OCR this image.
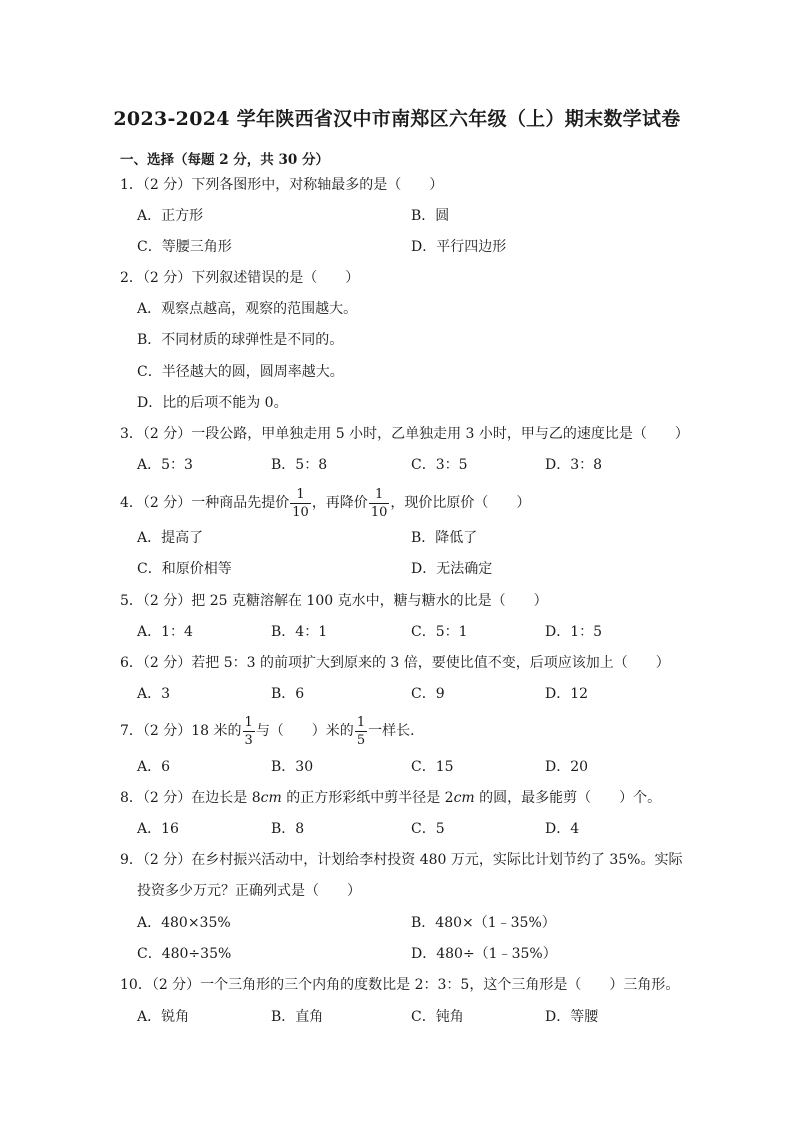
2023-2024 学年陕西省汉中市南郑区六年级（上）期末数学试卷
一、选择（每题 2 分，共 30 分）
1．（2 分）下列各图形中，对称轴最多的是（　　）
A．正方形	B．圆
C．等腰三角形	D．平行四边形
2．（2 分）下列叙述错误的是（　　）
A．观察点越高，观察的范围越大。
B．不同材质的球弹性是不同的。
C．半径越大的圆，圆周率越大。
D．比的后项不能为 0。
3．（2 分）一段公路，甲单独走用 5 小时，乙单独走用 3 小时，甲与乙的速度比是（　　）
A．5：3	B．5：8	C．3：5	D．3：8
4．（2 分）一种商品先提价 $\frac{1}{10}$ ，再降价 $\frac{1}{10}$ ，现价比原价（　　）
A．提高了	B．降低了
C．和原价相等	D．无法确定
5．（2 分）把 25 克糖溶解在 100 克水中，糖与糖水的比是（　　）
A．1：4	B．4：1	C．5：1	D．1：5
6．（2 分）若把 5：3 的前项扩大到原来的 3 倍，要使比值不变，后项应该加上（　　）
A．3	B．6	C．9	D．12
7．（2 分）18 米的 $\frac{1}{3}$ 与（　　）米的 $\frac{1}{5}$ 一样长．
A．6	B．30	C．15	D．20
8．（2 分）在边长是 8cm 的正方形彩纸中剪半径是 2cm 的圆，最多能剪（　　）个。
A．16	B．8	C．5	D．4
9．（2 分）在乡村振兴活动中，计划给李村投资 480 万元，实际比计划节约了 35%。实际
投资多少万元？正确列式是（　　）
A．480×35%	B．480×（1﹣35%）
C．480÷35%	D．480÷（1﹣35%）
10．（2 分）一个三角形的三个内角的度数比是 2：3：5，这个三角形是（　　）三角形。
A．锐角	B．直角	C．钝角	D．等腰
